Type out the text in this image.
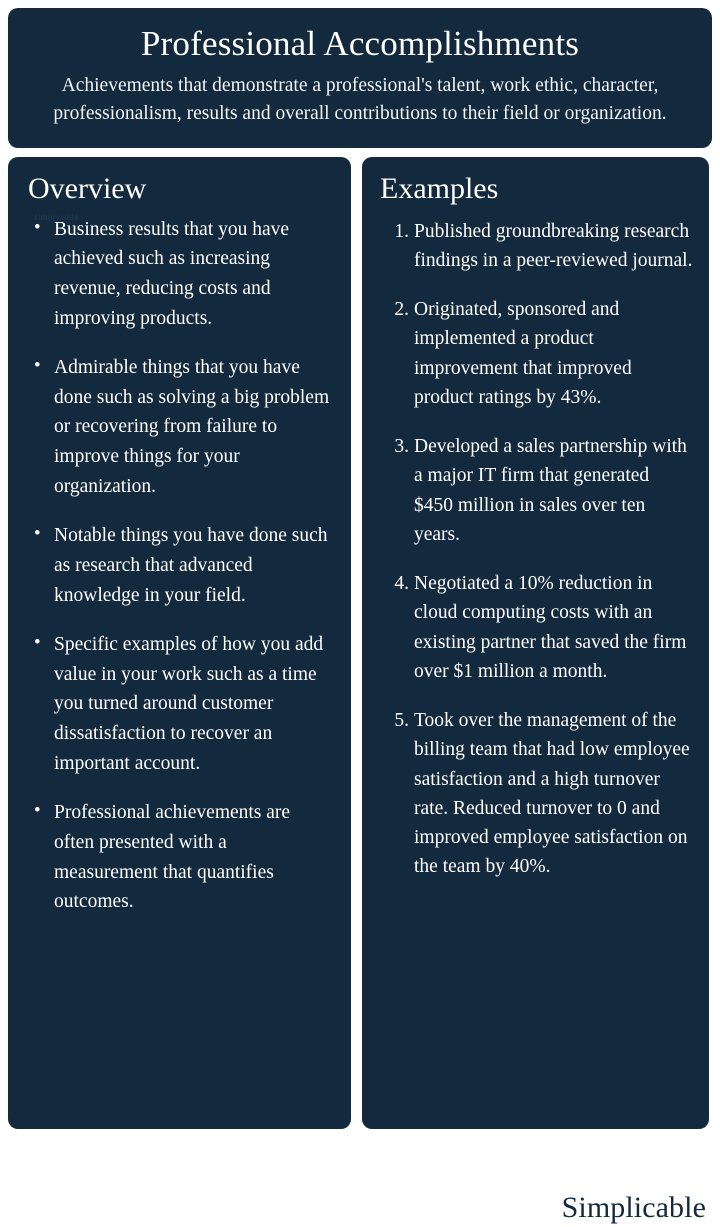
Professional Accomplishments

Achievements that demonstrate a professional's talent, work ethic, character, professionalism, results and overall contributions to their field or organization.

Overview
simplicable
• Business results that you have achieved such as increasing revenue, reducing costs and improving products.
• Admirable things that you have done such as solving a big problem or recovering from failure to improve things for your organization.
• Notable things you have done such as research that advanced knowledge in your field.
• Specific examples of how you add value in your work such as a time you turned around customer dissatisfaction to recover an important account.
• Professional achievements are often presented with a measurement that quantifies outcomes.
Examples
Published groundbreaking research findings in a peer-reviewed journal.
Originated, sponsored and implemented a product improvement that improved product ratings by 43%.
Developed a sales partnership with a major IT firm that generated $450 million in sales over ten years.
Negotiated a 10% reduction in cloud computing costs with an existing partner that saved the firm over $1 million a month.
Took over the management of the billing team that had low employee satisfaction and a high turnover rate. Reduced turnover to 0 and improved employee satisfaction on the team by 40%.
Simplicable
